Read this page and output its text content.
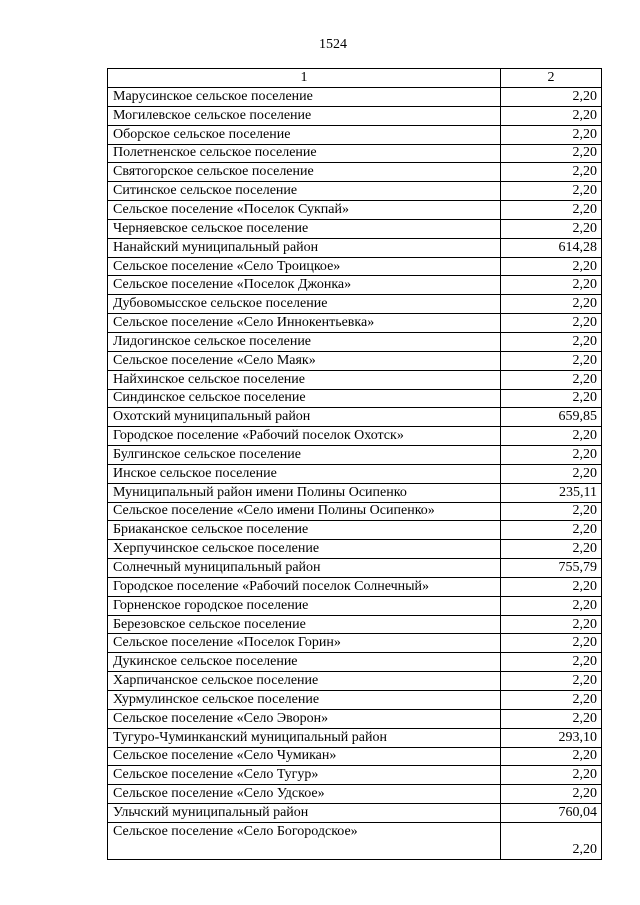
1524
1	2
Марусинское сельское поселение	2,20
Могилевское сельское поселение	2,20
Оборское сельское поселение	2,20
Полетненское сельское поселение	2,20
Святогорское сельское поселение	2,20
Ситинское сельское поселение	2,20
Сельское поселение «Поселок Сукпай»	2,20
Черняевское сельское поселение	2,20
Нанайский муниципальный район	614,28
Сельское поселение «Село Троицкое»	2,20
Сельское поселение «Поселок Джонка»	2,20
Дубовомысское сельское поселение	2,20
Сельское поселение «Село Иннокентьевка»	2,20
Лидогинское сельское поселение	2,20
Сельское поселение «Село Маяк»	2,20
Найхинское сельское поселение	2,20
Синдинское сельское поселение	2,20
Охотский муниципальный район	659,85
Городское поселение «Рабочий поселок Охотск»	2,20
Булгинское сельское поселение	2,20
Инское сельское поселение	2,20
Муниципальный район имени Полины Осипенко	235,11
Сельское поселение «Село имени Полины Осипенко»	2,20
Бриаканское сельское поселение	2,20
Херпучинское сельское поселение	2,20
Солнечный муниципальный район	755,79
Городское поселение «Рабочий поселок Солнечный»	2,20
Горненское городское поселение	2,20
Березовское сельское поселение	2,20
Сельское поселение «Поселок Горин»	2,20
Дукинское сельское поселение	2,20
Харпичанское сельское поселение	2,20
Хурмулинское сельское поселение	2,20
Сельское поселение «Село Эворон»	2,20
Тугуро-Чуминканский муниципальный район	293,10
Сельское поселение «Село Чумикан»	2,20
Сельское поселение «Село Тугур»	2,20
Сельское поселение «Село Удское»	2,20
Ульчский муниципальный район	760,04
Сельское поселение «Село Богородское»	2,20
